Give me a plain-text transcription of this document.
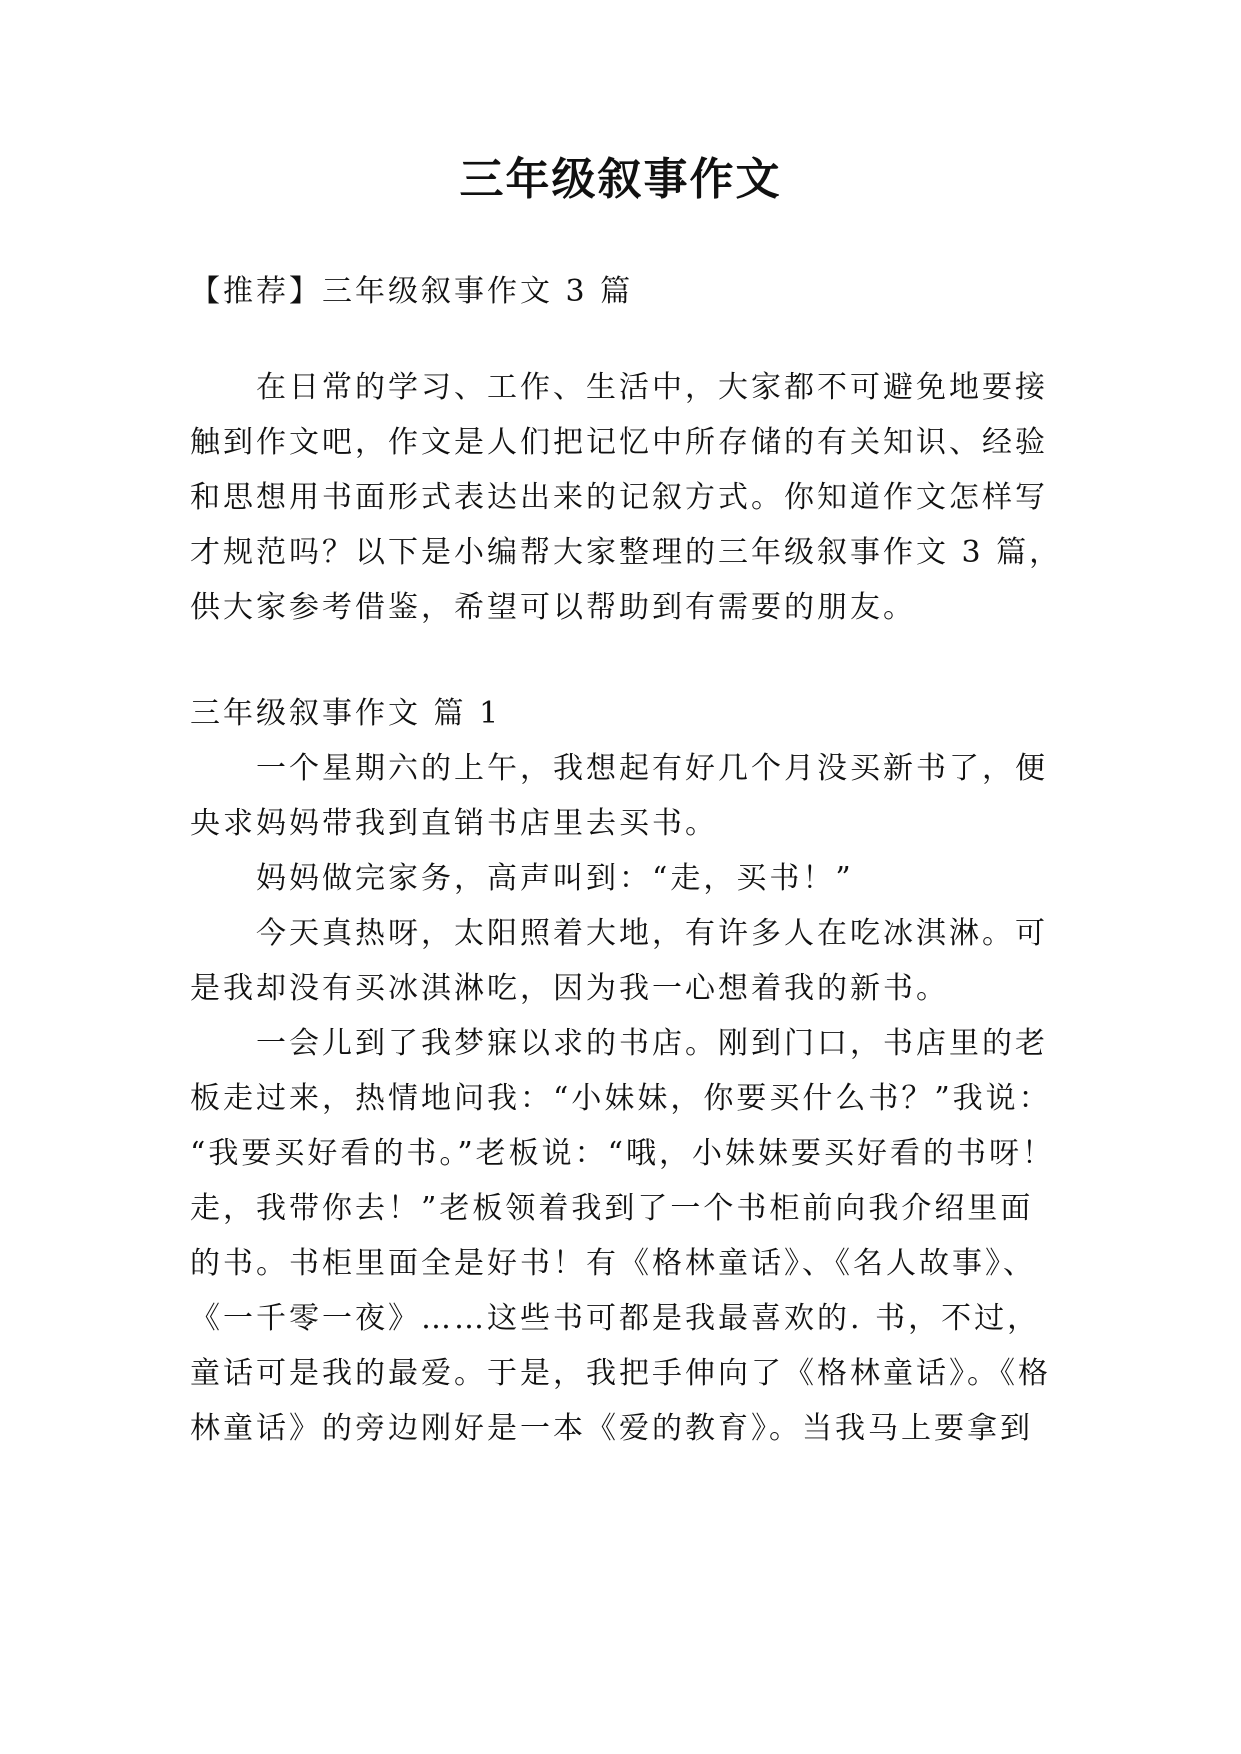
三年级叙事作文
【推荐】三年级叙事作文 3 篇
在日常的学习、工作、生活中，大家都不可避免地要接
触到作文吧，作文是人们把记忆中所存储的有关知识、经验
和思想用书面形式表达出来的记叙方式。你知道作文怎样写
才规范吗？以下是小编帮大家整理的三年级叙事作文 3 篇，
供大家参考借鉴，希望可以帮助到有需要的朋友。
三年级叙事作文 篇 1
一个星期六的上午，我想起有好几个月没买新书了，便
央求妈妈带我到直销书店里去买书。
妈妈做完家务，高声叫到：“走，买书！”
今天真热呀，太阳照着大地，有许多人在吃冰淇淋。可
是我却没有买冰淇淋吃，因为我一心想着我的新书。
一会儿到了我梦寐以求的书店。刚到门口，书店里的老
板走过来，热情地问我：“小妹妹，你要买什么书？”我说：
“我要买好看的书。”老板说：“哦，小妹妹要买好看的书呀！
走，我带你去！”老板领着我到了一个书柜前向我介绍里面
的书。书柜里面全是好书！有《格林童话》、《名人故事》、
《一千零一夜》……这些书可都是我最喜欢的. 书，不过，
童话可是我的最爱。于是，我把手伸向了《格林童话》。《格
林童话》的旁边刚好是一本《爱的教育》。当我马上要拿到
